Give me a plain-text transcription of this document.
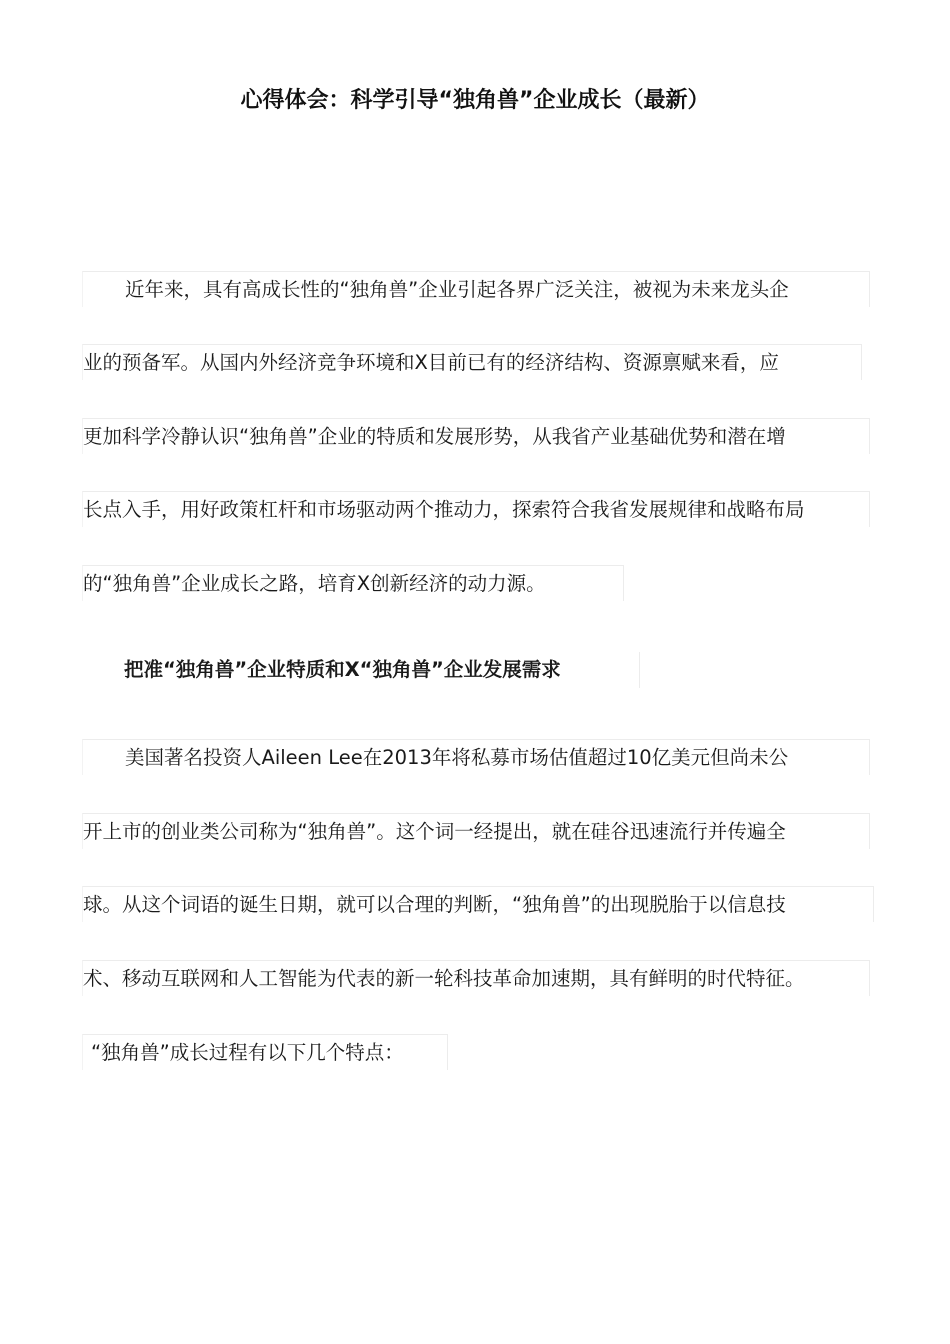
心得体会：科学引导“独角兽”企业成长（最新）
近年来，具有高成长性的“独角兽”企业引起各界广泛关注，被视为未来龙头企
业的预备军。从国内外经济竞争环境和X目前已有的经济结构、资源禀赋来看，应
更加科学冷静认识“独角兽”企业的特质和发展形势，从我省产业基础优势和潜在增
长点入手，用好政策杠杆和市场驱动两个推动力，探索符合我省发展规律和战略布局
的“独角兽”企业成长之路，培育X创新经济的动力源。
把准“独角兽”企业特质和X“独角兽”企业发展需求
美国著名投资人Aileen Lee在2013年将私募市场估值超过10亿美元但尚未公
开上市的创业类公司称为“独角兽”。这个词一经提出，就在硅谷迅速流行并传遍全
球。从这个词语的诞生日期，就可以合理的判断，“独角兽”的出现脱胎于以信息技
术、移动互联网和人工智能为代表的新一轮科技革命加速期，具有鲜明的时代特征。
“独角兽”成长过程有以下几个特点：
